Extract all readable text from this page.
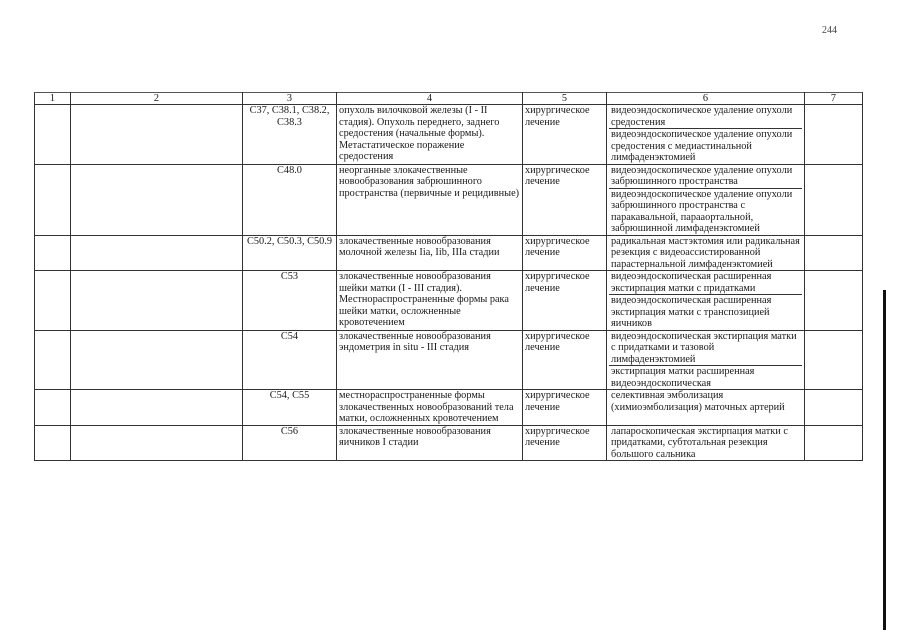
244
1	2	3	4	5	6	7
		C37, C38.1, C38.2, C38.3	опухоль вилочковой железы (I - II стадия). Опухоль переднего, заднего средостения (начальные формы). Метастатическое поражение средостения	хирургическое лечение	видеоэндоскопическое удаление опухоли средостения
видеоэндоскопическое удаление опухоли средостения с медиастинальной лимфаденэктомией	

		C48.0	неорганные злокачественные новообразования забрюшинного пространства (первичные и рецидивные)	хирургическое лечение	видеоэндоскопическое удаление опухоли забрюшинного пространства
видеоэндоскопическое удаление опухоли забрюшинного пространства с паракавальной, парааортальной, забрюшинной лимфаденэктомией	

		C50.2, C50.3, C50.9	злокачественные новообразования молочной железы Iia, Iib, IIIa стадии	хирургическое лечение	радикальная мастэктомия или радикальная резекция с видеоассистированной парастернальной лимфаденэктомией	

		C53	злокачественные новообразования шейки матки (I - III стадия). Местнораспространенные формы рака шейки матки, осложненные кровотечением	хирургическое лечение	видеоэндоскопическая расширенная экстирпация матки с придатками
видеоэндоскопическая расширенная экстирпация матки с транспозицией яичников	

		C54	злокачественные новообразования эндометрия in situ - III стадия	хирургическое лечение	видеоэндоскопическая экстирпация матки с придатками и тазовой лимфаденэктомией
экстирпация матки расширенная видеоэндоскопическая	

		C54, C55	местнораспространенные формы злокачественных новообразований тела матки, осложненных кровотечением	хирургическое лечение	селективная эмболизация (химиоэмболизация) маточных артерий	

		C56	злокачественные новообразования яичников I стадии	хирургическое лечение	лапароскопическая экстирпация матки с придатками, субтотальная резекция большого сальника	
